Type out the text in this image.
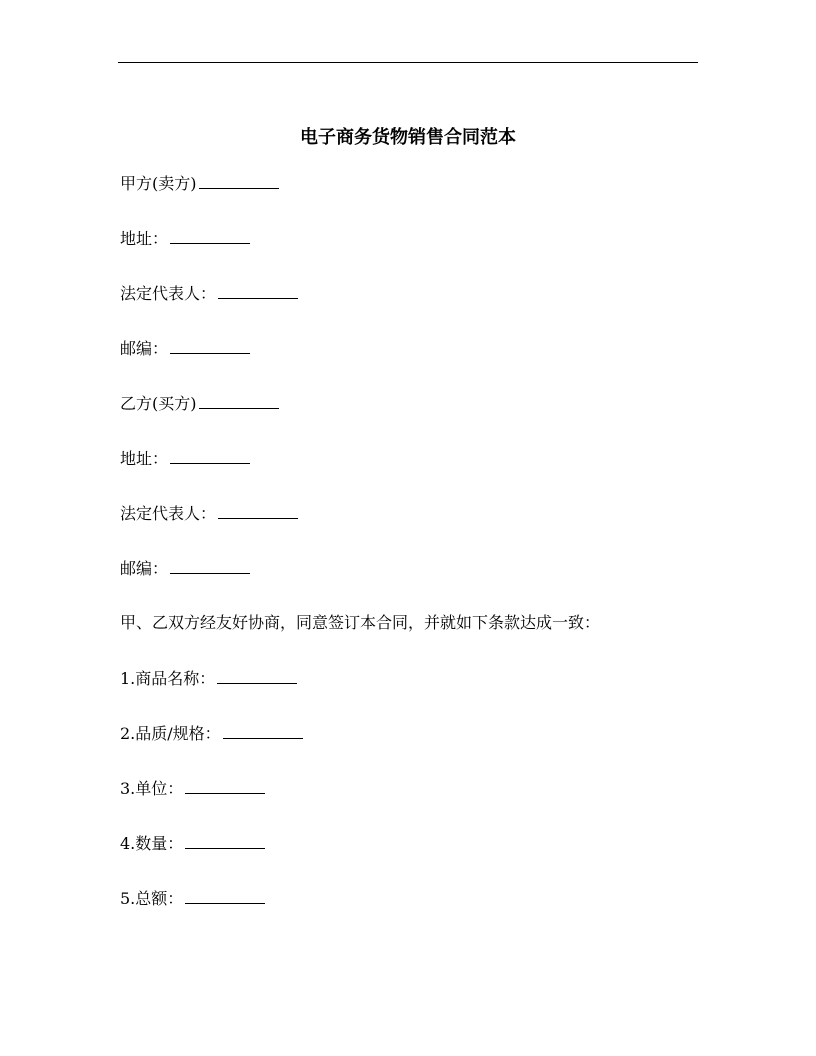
电子商务货物销售合同范本
甲方(卖方)
地址：
法定代表人：
邮编：
乙方(买方)
地址：
法定代表人：
邮编：
甲、乙双方经友好协商，同意签订本合同，并就如下条款达成一致：
1.商品名称：
2.品质/规格：
3.单位：
4.数量：
5.总额：
